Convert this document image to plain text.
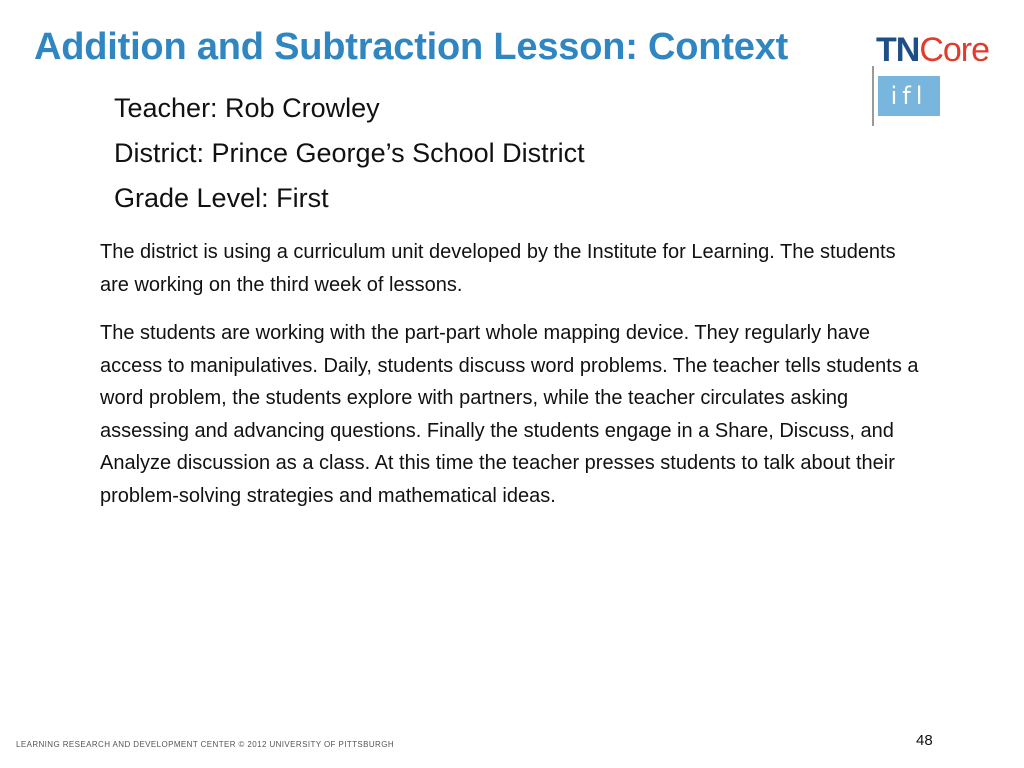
Addition and Subtraction Lesson: Context	TNCore
ifl
Teacher: Rob Crowley
District: Prince George’s School District
Grade Level: First

The district is using a curriculum unit developed by the Institute for Learning. The students are working on the third week of lessons.

The students are working with the part-part whole mapping device. They regularly have access to manipulatives. Daily, students discuss word problems. The teacher tells students a word problem, the students explore with partners, while the teacher circulates asking assessing and advancing questions. Finally the students engage in a Share, Discuss, and Analyze discussion as a class. At this time the teacher presses students to talk about their problem-solving strategies and mathematical ideas.

LEARNING RESEARCH AND DEVELOPMENT CENTER © 2012 UNIVERSITY OF PITTSBURGH	48
